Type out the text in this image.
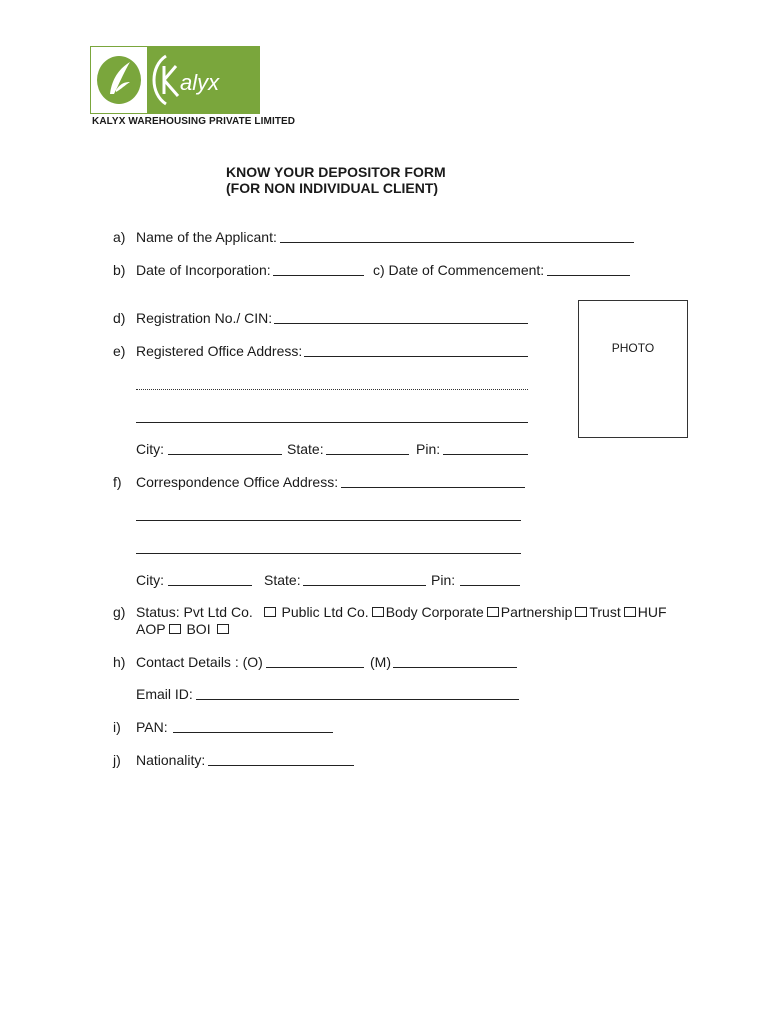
alyx
KALYX WAREHOUSING PRIVATE LIMITED
KNOW YOUR DEPOSITOR FORM
(FOR NON INDIVIDUAL CLIENT)
a) Name of the Applicant:
b) Date of Incorporation:	c) Date of Commencement:
PHOTO
d) Registration No./ CIN:
e) Registered Office Address:
City:	State:	Pin:
f) Correspondence Office Address:
City:	State:	Pin:
g) Status: Pvt Ltd Co. Public Ltd Co. Body Corporate Partnership Trust HUF
AOP BOI
h) Contact Details : (O)	(M)
Email ID:
i) PAN:
j) Nationality:
